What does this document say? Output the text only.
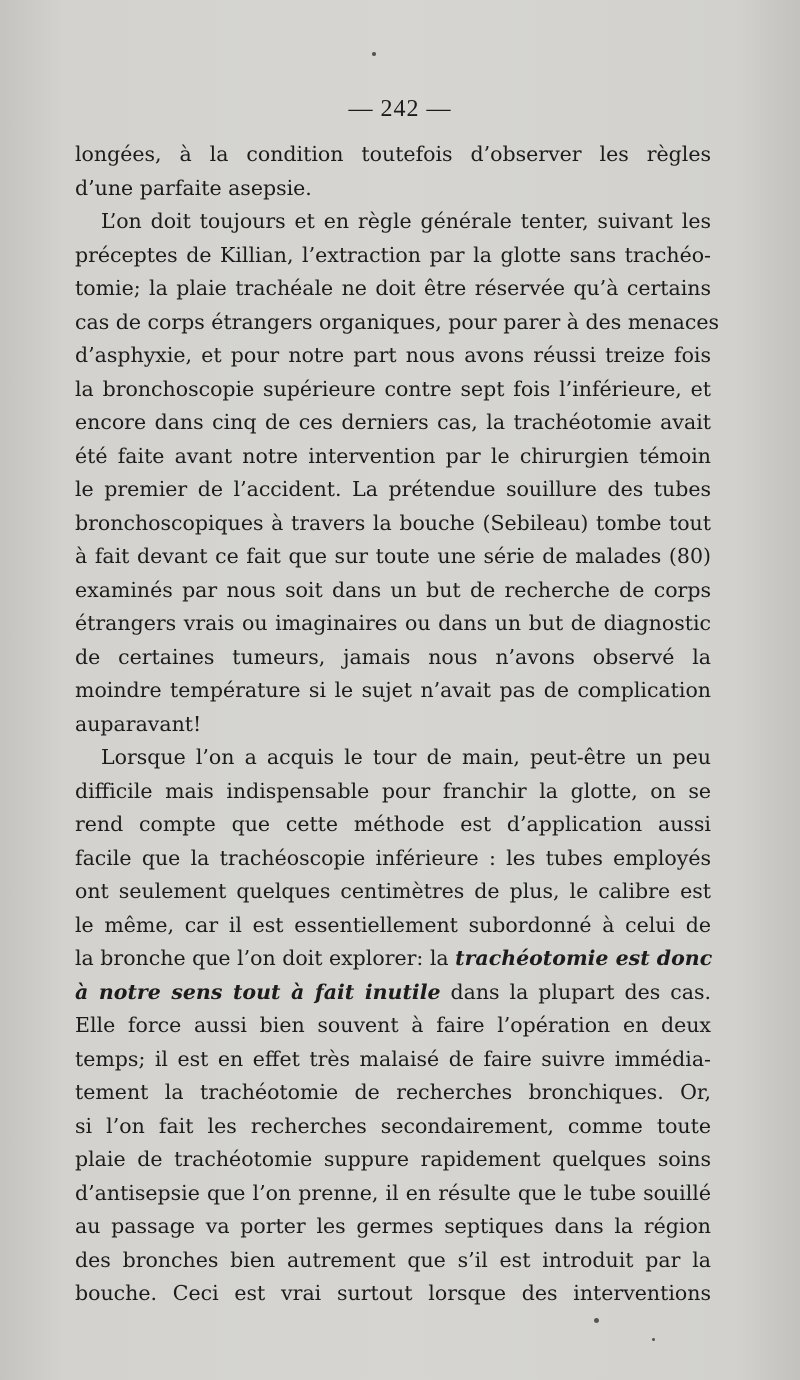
— 242 —
longées, à la condition toutefois d’observer les règles
d’une parfaite asepsie.
L’on doit toujours et en règle générale tenter, suivant les
préceptes de Killian, l’extraction par la glotte sans trachéo-
tomie; la plaie trachéale ne doit être réservée qu’à certains
cas de corps étrangers organiques, pour parer à des menaces
d’asphyxie, et pour notre part nous avons réussi treize fois
la bronchoscopie supérieure contre sept fois l’inférieure, et
encore dans cinq de ces derniers cas, la trachéotomie avait
été faite avant notre intervention par le chirurgien témoin
le premier de l’accident. La prétendue souillure des tubes
bronchoscopiques à travers la bouche (Sebileau) tombe tout
à fait devant ce fait que sur toute une série de malades (80)
examinés par nous soit dans un but de recherche de corps
étrangers vrais ou imaginaires ou dans un but de diagnostic
de certaines tumeurs, jamais nous n’avons observé la
moindre température si le sujet n’avait pas de complication
auparavant!
Lorsque l’on a acquis le tour de main, peut-être un peu
difficile mais indispensable pour franchir la glotte, on se
rend compte que cette méthode est d’application aussi
facile que la trachéoscopie inférieure : les tubes employés
ont seulement quelques centimètres de plus, le calibre est
le même, car il est essentiellement subordonné à celui de
la bronche que l’on doit explorer: la trachéotomie est donc
à notre sens tout à fait inutile dans la plupart des cas.
Elle force aussi bien souvent à faire l’opération en deux
temps; il est en effet très malaisé de faire suivre immédia-
tement la trachéotomie de recherches bronchiques. Or,
si l’on fait les recherches secondairement, comme toute
plaie de trachéotomie suppure rapidement quelques soins
d’antisepsie que l’on prenne, il en résulte que le tube souillé
au passage va porter les germes septiques dans la région
des bronches bien autrement que s’il est introduit par la
bouche. Ceci est vrai surtout lorsque des interventions
